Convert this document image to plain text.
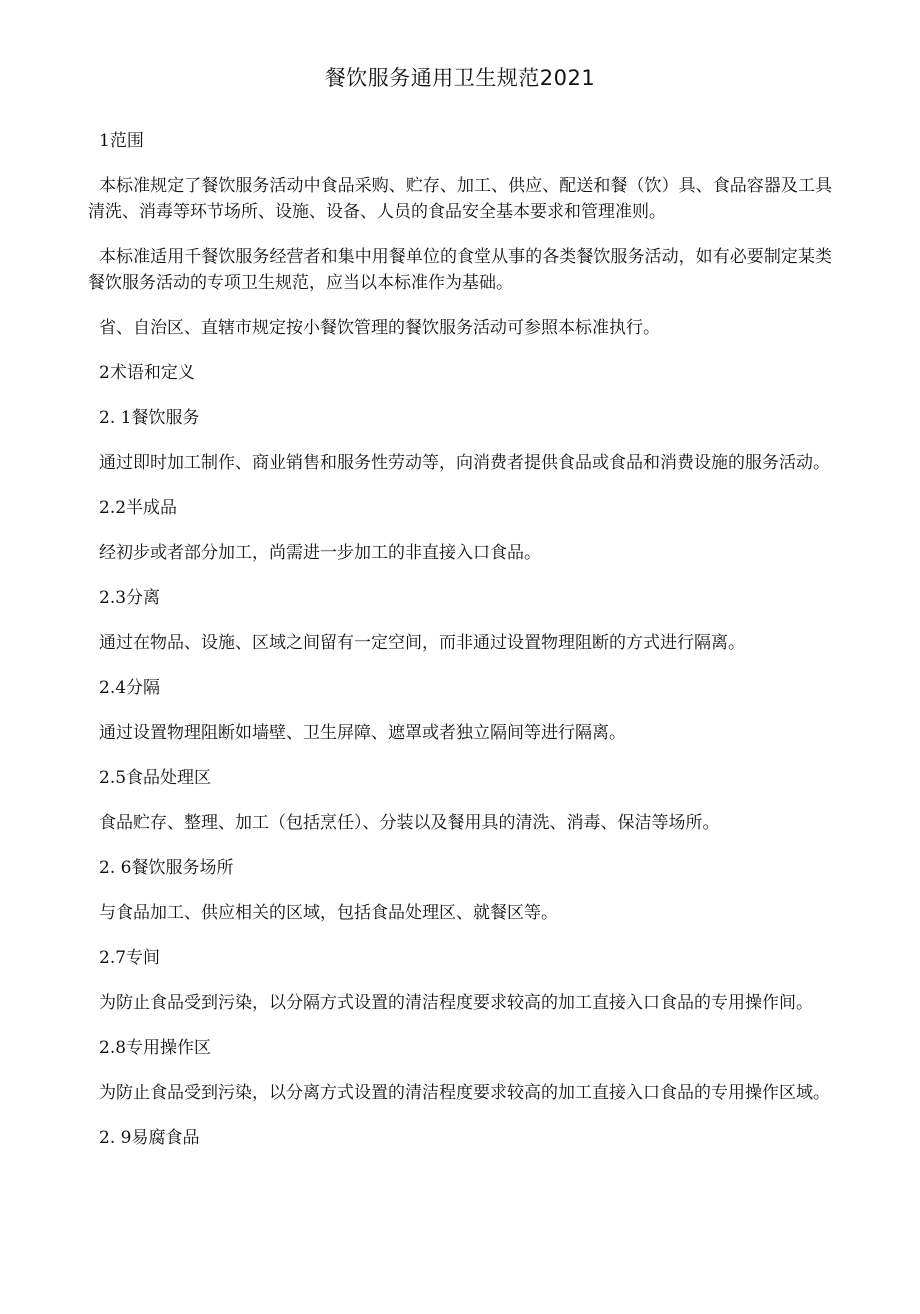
餐饮服务通用卫生规范2021

1范围

本标准规定了餐饮服务活动中食品采购、贮存、加工、供应、配送和餐（饮）具、食品容器及工具清洗、消毒等环节场所、设施、设备、人员的食品安全基本要求和管理准则。

本标准适用千餐饮服务经营者和集中用餐单位的食堂从事的各类餐饮服务活动，如有必要制定某类餐饮服务活动的专项卫生规范，应当以本标准作为基础。

省、自治区、直辖市规定按小餐饮管理的餐饮服务活动可参照本标准执行。

2术语和定义

2. 1餐饮服务

通过即时加工制作、商业销售和服务性劳动等，向消费者提供食品或食品和消费设施的服务活动。

2.2半成品

经初步或者部分加工，尚需进一步加工的非直接入口食品。

2.3分离

通过在物品、设施、区域之间留有一定空间，而非通过设置物理阻断的方式进行隔离。

2.4分隔

通过设置物理阻断如墙壁、卫生屏障、遮罩或者独立隔间等进行隔离。

2.5食品处理区

食品贮存、整理、加工（包括烹任）、分装以及餐用具的清洗、消毒、保洁等场所。

2. 6餐饮服务场所

与食品加工、供应相关的区域，包括食品处理区、就餐区等。

2.7专间

为防止食品受到污染，以分隔方式设置的清洁程度要求较高的加工直接入口食品的专用操作间。

2.8专用操作区

为防止食品受到污染，以分离方式设置的清洁程度要求较高的加工直接入口食品的专用操作区域。

2. 9易腐食品
